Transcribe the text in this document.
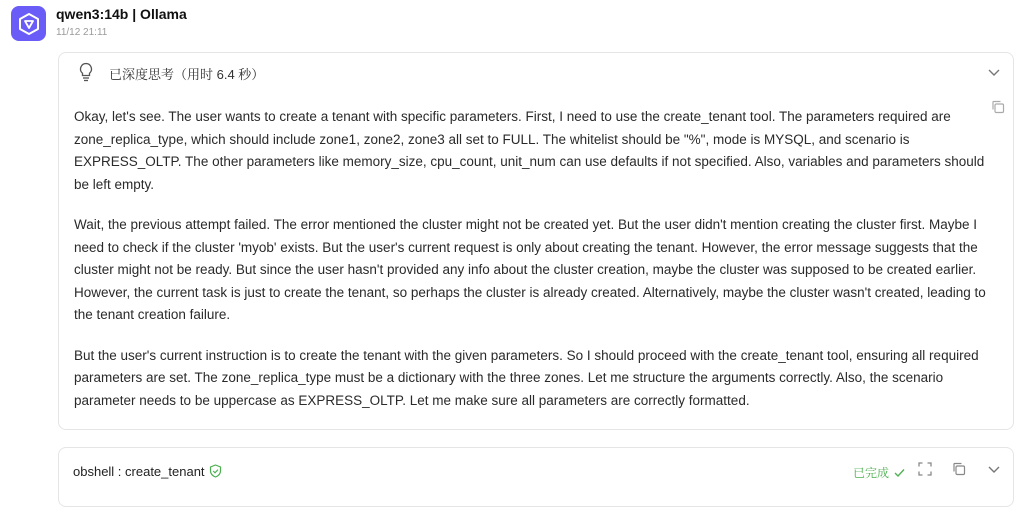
qwen3:14b | Ollama
11/12 21:11
已深度思考（用时 6.4 秒）

Okay, let's see. The user wants to create a tenant with specific parameters. First, I need to use the create_tenant tool. The parameters required are zone_replica_type, which should include zone1, zone2, zone3 all set to FULL. The whitelist should be "%", mode is MYSQL, and scenario is EXPRESS_OLTP. The other parameters like memory_size, cpu_count, unit_num can use defaults if not specified. Also, variables and parameters should be left empty.

Wait, the previous attempt failed. The error mentioned the cluster might not be created yet. But the user didn't mention creating the cluster first. Maybe I need to check if the cluster 'myob' exists. But the user's current request is only about creating the tenant. However, the error message suggests that the cluster might not be ready. But since the user hasn't provided any info about the cluster creation, maybe the cluster was supposed to be created earlier. However, the current task is just to create the tenant, so perhaps the cluster is already created. Alternatively, maybe the cluster wasn't created, leading to the tenant creation failure.

But the user's current instruction is to create the tenant with the given parameters. So I should proceed with the create_tenant tool, ensuring all required parameters are set. The zone_replica_type must be a dictionary with the three zones. Let me structure the arguments correctly. Also, the scenario parameter needs to be uppercase as EXPRESS_OLTP. Let me make sure all parameters are correctly formatted.

obshell : create_tenant	已完成
